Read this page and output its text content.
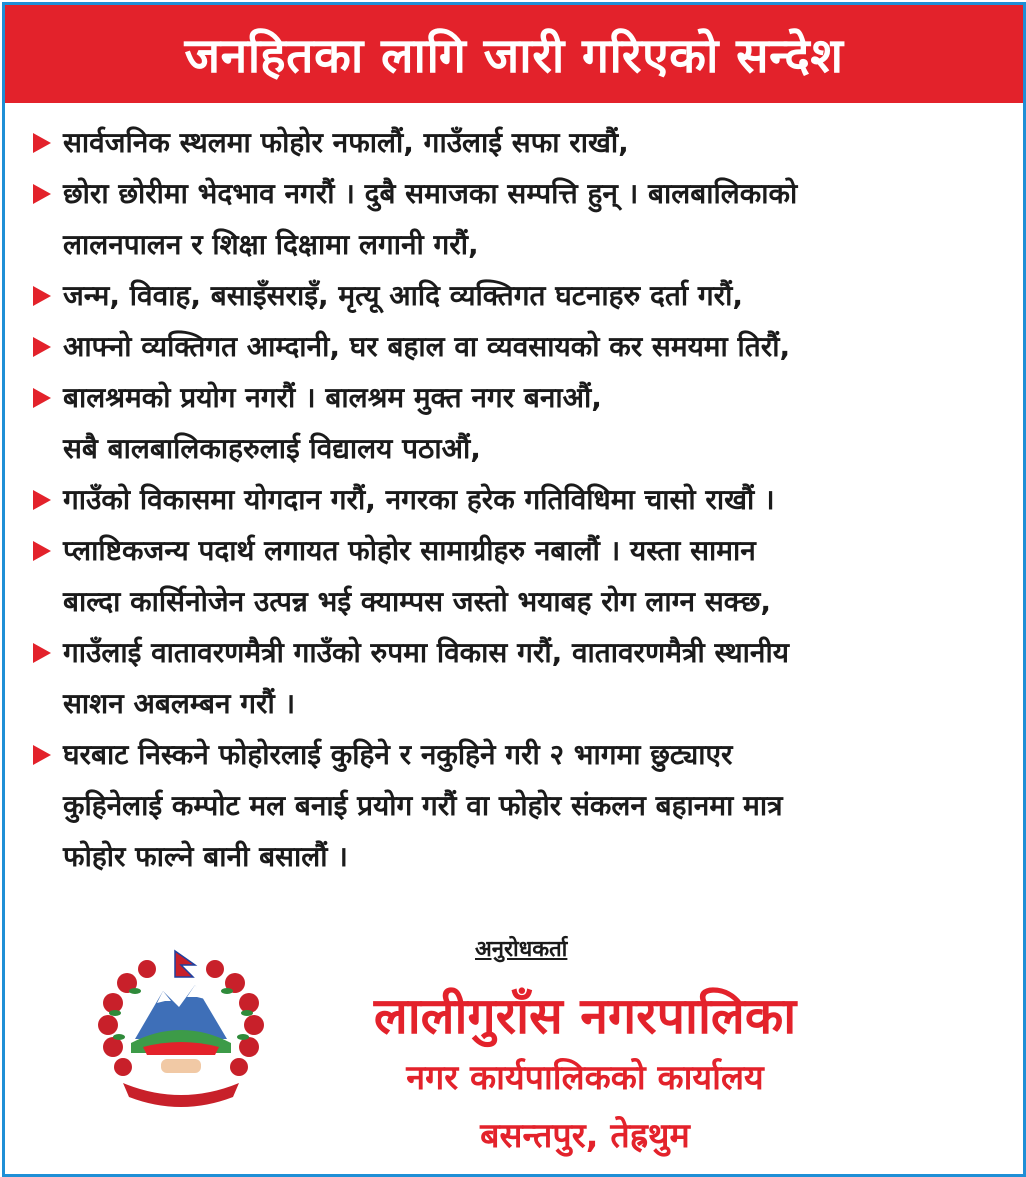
जनहितका लागि जारी गरिएको सन्देश
सार्वजनिक स्थलमा फोहोर नफालौं, गाउँलाई सफा राखौं,
छोरा छोरीमा भेदभाव नगरौं । दुबै समाजका सम्पत्ति हुन् । बालबालिकाको
लालनपालन र शिक्षा दिक्षामा लगानी गरौं,
जन्म, विवाह, बसाइँसराइँ, मृत्यू आदि व्यक्तिगत घटनाहरु दर्ता गरौं,
आफ्नो व्यक्तिगत आम्दानी, घर बहाल वा व्यवसायको कर समयमा तिरौं,
बालश्रमको प्रयोग नगरौं । बालश्रम मुक्त नगर बनाऔं,
सबै बालबालिकाहरुलाई विद्यालय पठाऔं,
गाउँको विकासमा योगदान गरौं, नगरका हरेक गतिविधिमा चासो राखौं ।
प्लाष्टिकजन्य पदार्थ लगायत फोहोर सामाग्रीहरु नबालौं । यस्ता सामान
बाल्दा कार्सिनोजेन उत्पन्न भई क्याम्पस जस्तो भयाबह रोग लाग्न सक्छ,
गाउँलाई वातावरणमैत्री गाउँको रुपमा विकास गरौं, वातावरणमैत्री स्थानीय
साशन अबलम्बन गरौं ।
घरबाट निस्कने फोहोरलाई कुहिने र नकुहिने गरी २ भागमा छुट्याएर
कुहिनेलाई कम्पोट मल बनाई प्रयोग गरौं वा फोहोर संकलन बहानमा मात्र
फोहोर फाल्ने बानी बसालौं ।
अनुरोधकर्ता
लालीगुराँस नगरपालिका
नगर कार्यपालिकको कार्यालय
बसन्तपुर, तेह्रथुम
